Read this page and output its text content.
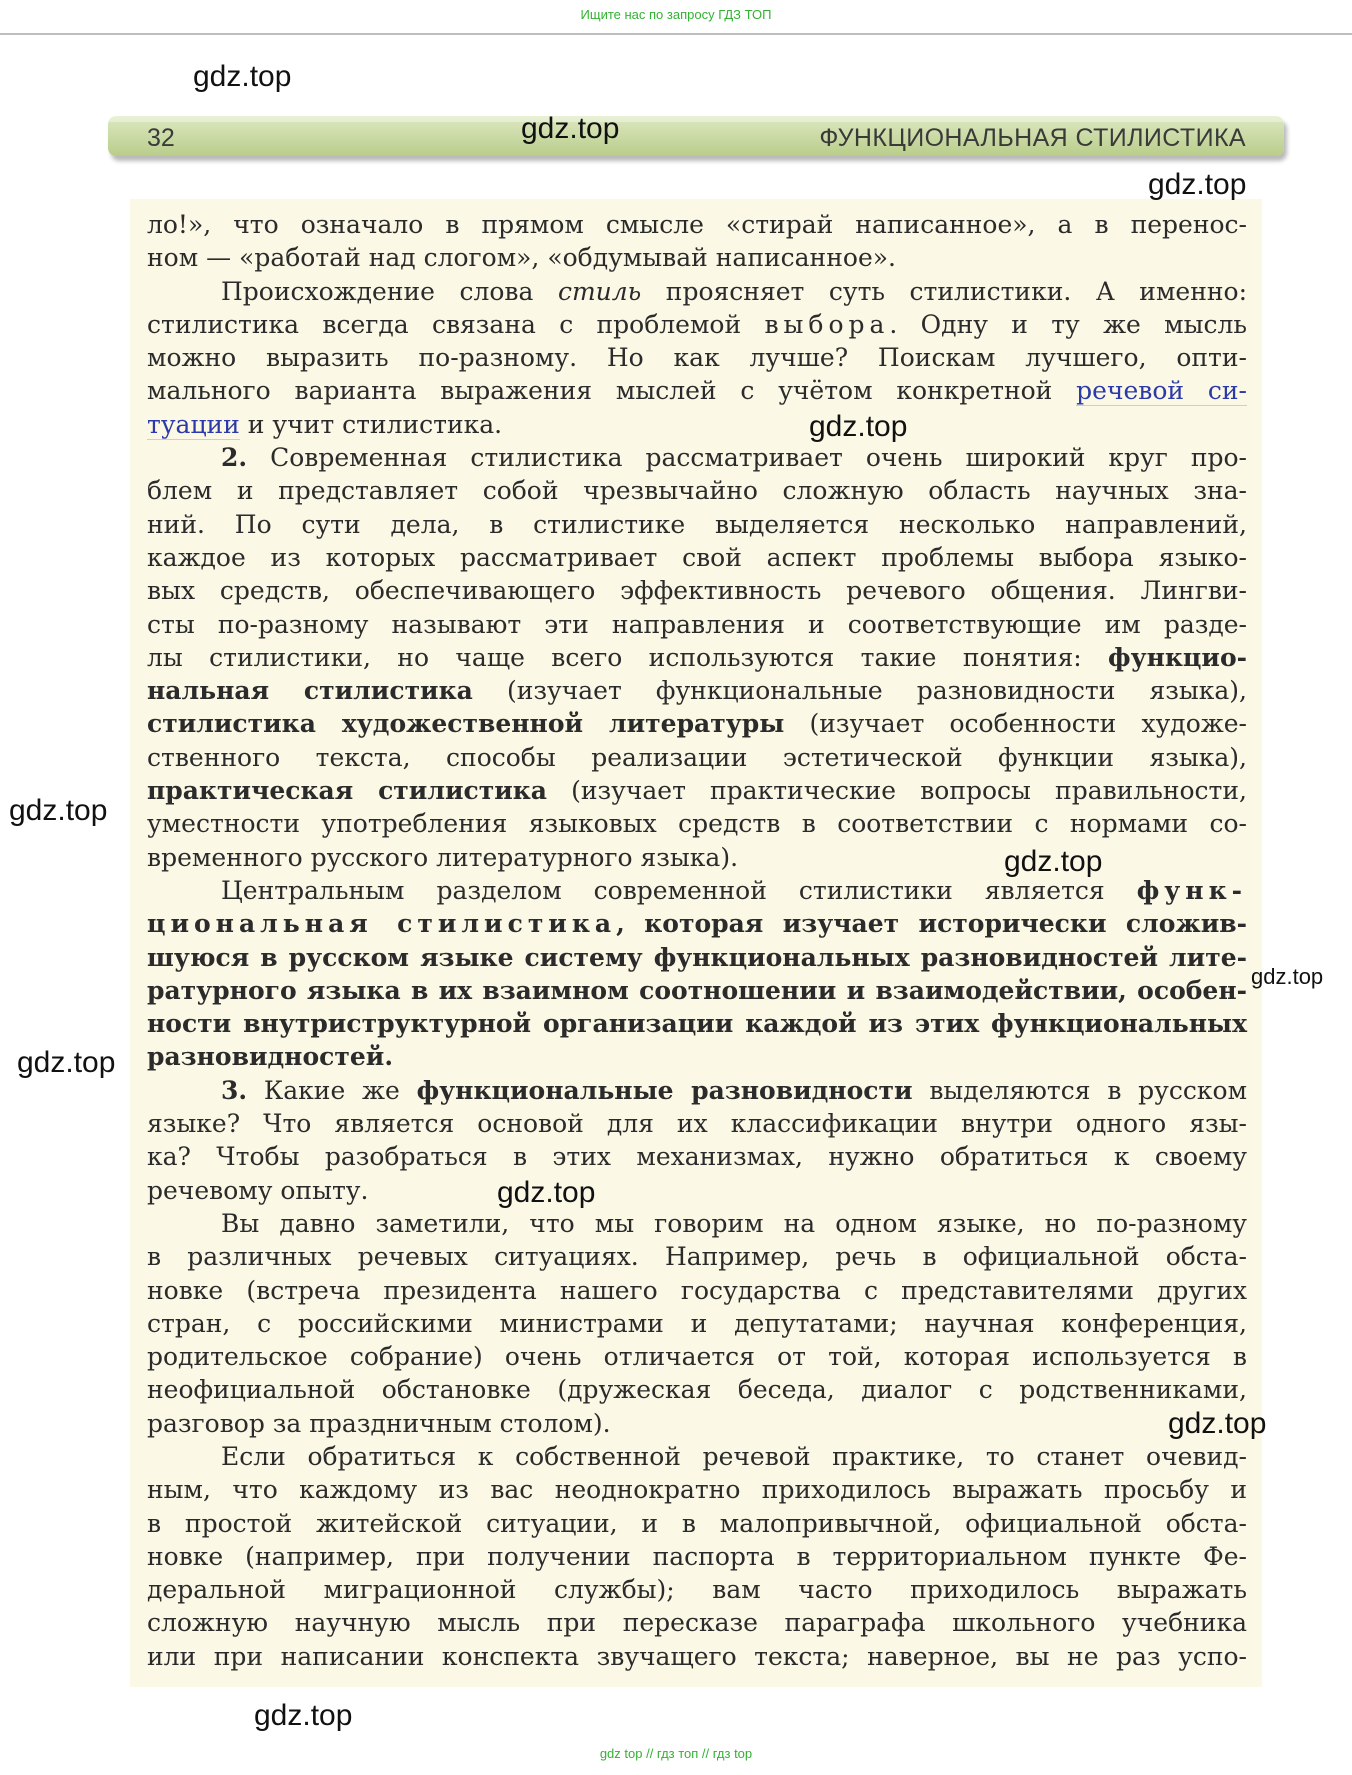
Ищите нас по запросу ГДЗ ТОП
32	ФУНКЦИОНАЛЬНАЯ СТИЛИСТИКА
ло!», что означало в прямом смысле «стирай написанное», а в перенос-
ном — «работай над слогом», «обдумывай написанное».
Происхождение слова стиль проясняет суть стилистики. А именно:
стилистика всегда связана с проблемой выбора. Одну и ту же мысль
можно выразить по-разному. Но как лучше? Поискам лучшего, опти-
мального варианта выражения мыслей с учётом конкретной речевой си-
туации и учит стилистика.
2. Современная стилистика рассматривает очень широкий круг про-
блем и представляет собой чрезвычайно сложную область научных зна-
ний. По сути дела, в стилистике выделяется несколько направлений,
каждое из которых рассматривает свой аспект проблемы выбора языко-
вых средств, обеспечивающего эффективность речевого общения. Лингви-
сты по-разному называют эти направления и соответствующие им разде-
лы стилистики, но чаще всего используются такие понятия: функцио-
нальная стилистика (изучает функциональные разновидности языка),
стилистика художественной литературы (изучает особенности художе-
ственного текста, способы реализации эстетической функции языка),
практическая стилистика (изучает практические вопросы правильности,
уместности употребления языковых средств в соответствии с нормами со-
временного русского литературного языка).
Центральным разделом современной стилистики является функ-
циональная стилистика, которая изучает исторически сложив-
шуюся в русском языке систему функциональных разновидностей лите-
ратурного языка в их взаимном соотношении и взаимодействии, особен-
ности внутриструктурной организации каждой из этих функциональных
разновидностей.
3. Какие же функциональные разновидности выделяются в русском
языке? Что является основой для их классификации внутри одного язы-
ка? Чтобы разобраться в этих механизмах, нужно обратиться к своему
речевому опыту.
Вы давно заметили, что мы говорим на одном языке, но по-разному
в различных речевых ситуациях. Например, речь в официальной обста-
новке (встреча президента нашего государства с представителями других
стран, с российскими министрами и депутатами; научная конференция,
родительское собрание) очень отличается от той, которая используется в
неофициальной обстановке (дружеская беседа, диалог с родственниками,
разговор за праздничным столом).
Если обратиться к собственной речевой практике, то станет очевид-
ным, что каждому из вас неоднократно приходилось выражать просьбу и
в простой житейской ситуации, и в малопривычной, официальной обста-
новке (например, при получении паспорта в территориальном пункте Фе-
деральной миграционной службы); вам часто приходилось выражать
сложную научную мысль при пересказе параграфа школьного учебника
или при написании конспекта звучащего текста; наверное, вы не раз успо-
gdz.top
gdz.top
gdz.top
gdz.top
gdz.top
gdz.top
gdz.top
gdz.top
gdz.top
gdz.top
gdz.top
gdz top // гдз топ // гдз top
